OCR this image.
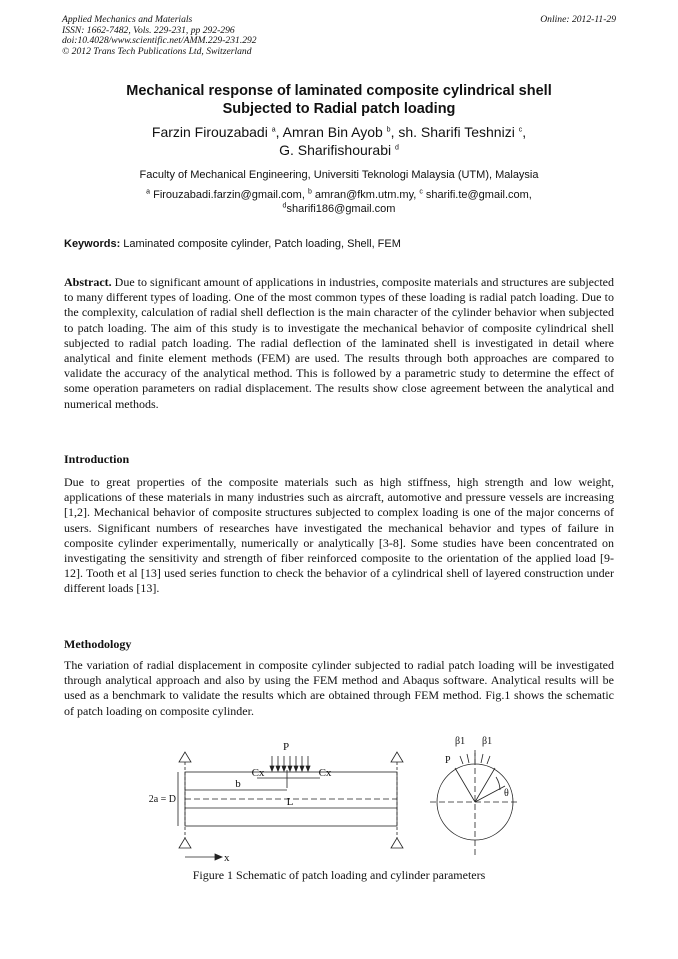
Applied Mechanics and Materials
ISSN: 1662-7482, Vols. 229-231, pp 292-296
doi:10.4028/www.scientific.net/AMM.229-231.292
© 2012 Trans Tech Publications Ltd, Switzerland
Online: 2012-11-29
Mechanical response of laminated composite cylindrical shell
Subjected to Radial patch loading
Farzin Firouzabadi $^a$, Amran Bin Ayob $^b$, sh. Sharifi Teshnizi $^c$,
G. Sharifishourabi $^d$
Faculty of Mechanical Engineering, Universiti Teknologi Malaysia (UTM), Malaysia
$^a$ Firouzabadi.farzin@gmail.com, $^b$ amran@fkm.utm.my, $^c$ sharifi.te@gmail.com,
$^d$sharifi186@gmail.com
Keywords: Laminated composite cylinder, Patch loading, Shell, FEM
Abstract. Due to significant amount of applications in industries, composite materials and structures are subjected to many different types of loading. One of the most common types of these loading is radial patch loading. Due to the complexity, calculation of radial shell deflection is the main character of the cylinder behavior when subjected to patch loading. The aim of this study is to investigate the mechanical behavior of composite cylindrical shell subjected to radial patch loading. The radial deflection of the laminated shell is investigated in detail where analytical and finite element methods (FEM) are used. The results through both approaches are compared to validate the accuracy of the analytical method. This is followed by a parametric study to determine the effect of some operation parameters on radial displacement. The results show close agreement between the analytical and numerical methods.
Introduction
Due to great properties of the composite materials such as high stiffness, high strength and low weight, applications of these materials in many industries such as aircraft, automotive and pressure vessels are increasing [1,2]. Mechanical behavior of composite structures subjected to complex loading is one of the major concerns of users. Significant numbers of researches have investigated the mechanical behavior and types of failure in composite cylinder experimentally, numerically or analytically [3-8]. Some studies have been concentrated on investigating the sensitivity and strength of fiber reinforced composite to the orientation of the applied load [9-12]. Tooth et al [13] used series function to check the behavior of a cylindrical shell of layered construction under different loads [13].
Methodology
The variation of radial displacement in composite cylinder subjected to radial patch loading will be investigated through analytical approach and also by using the FEM method and Abaqus software. Analytical results will be used as a benchmark to validate the results which are obtained through FEM method. Fig.1 shows the schematic of patch loading on composite cylinder.
P
Cx	Cx
b
L
2a = D
x
β1 β1
P
θ
Figure 1 Schematic of patch loading and cylinder parameters
